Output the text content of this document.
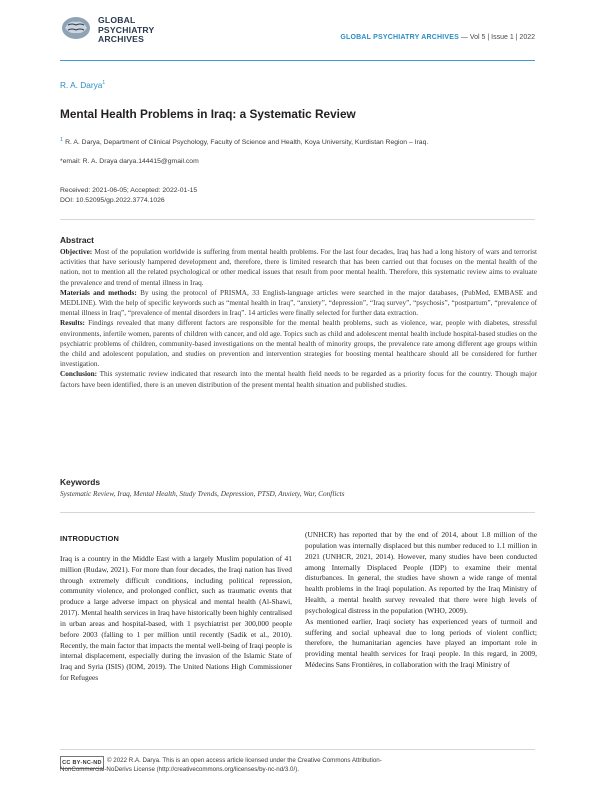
GLOBAL
PSYCHIATRY
ARCHIVES	GLOBAL PSYCHIATRY ARCHIVES — Vol 5 | Issue 1 | 2022
R. A. Darya$^1$
Mental Health Problems in Iraq: a Systematic Review
$^1$ R. A. Darya, Department of Clinical Psychology, Faculty of Science and Health, Koya University, Kurdistan Region – Iraq.
*email: R. A. Draya darya.144415@gmail.com
Received: 2021-06-05; Accepted: 2022-01-15
DOI: 10.52095/gp.2022.3774.1026
Abstract

Objective: Most of the population worldwide is suffering from mental health problems. For the last four decades, Iraq has had a long history of wars and terrorist activities that have seriously hampered development and, therefore, there is limited research that has been carried out that focuses on the mental health of the nation, not to mention all the related psychological or other medical issues that result from poor mental health. Therefore, this systematic review aims to evaluate the prevalence and trend of mental illness in Iraq.

Materials and methods: By using the protocol of PRISMA, 33 English-language articles were searched in the major databases, (PubMed, EMBASE and MEDLINE). With the help of specific keywords such as “mental health in Iraq”, “anxiety”, “depression”, “Iraq survey”, “psychosis”, “postpartum”, “prevalence of mental illness in Iraq”, “prevalence of mental disorders in Iraq”. 14 articles were finally selected for further data extraction.

Results: Findings revealed that many different factors are responsible for the mental health problems, such as violence, war, people with diabetes, stressful environments, infertile women, parents of children with cancer, and old age. Topics such as child and adolescent mental health include hospital-based studies on the psychiatric problems of children, community-based investigations on the mental health of minority groups, the prevalence rate among different age groups within the child and adolescent population, and studies on prevention and intervention strategies for boosting mental healthcare should all be considered for further investigation.

Conclusion: This systematic review indicated that research into the mental health field needs to be regarded as a priority focus for the country. Though major factors have been identified, there is an uneven distribution of the present mental health situation and published studies.

Keywords
Systematic Review, Iraq, Mental Health, Study Trends, Depression, PTSD, Anxiety, War, Conflicts
INTRODUCTION

Iraq is a country in the Middle East with a largely Muslim population of 41 million (Rudaw, 2021). For more than four decades, the Iraqi nation has lived through extremely difficult conditions, including political repression, community violence, and prolonged conflict, such as traumatic events that produce a large adverse impact on physical and mental health (Al-Shawi, 2017). Mental health services in Iraq have historically been highly centralised in urban areas and hospital-based, with 1 psychiatrist per 300,000 people before 2003 (falling to 1 per million until recently (Sadik et al., 2010). Recently, the main factor that impacts the mental well-being of Iraqi people is internal displacement, especially during the invasion of the Islamic State of Iraq and Syria (ISIS) (IOM, 2019). The United Nations High Commissioner for Refugees

(UNHCR) has reported that by the end of 2014, about 1.8 million of the population was internally displaced but this number reduced to 1.1 million in 2021 (UNHCR, 2021, 2014). However, many studies have been conducted among Internally Displaced People (IDP) to examine their mental disturbances. In general, the studies have shown a wide range of mental health problems in the Iraqi population. As reported by the Iraq Ministry of Health, a mental health survey revealed that there were high levels of psychological distress in the population (WHO, 2009).

As mentioned earlier, Iraqi society has experienced years of turmoil and suffering and social upheaval due to long periods of violent conflict; therefore, the humanitarian agencies have played an important role in providing mental health services for Iraqi people. In this regard, in 2009, Médecins Sans Frontières, in collaboration with the Iraqi Ministry of

CC BY-NC-ND © 2022 R.A. Darya. This is an open access article licensed under the Creative Commons Attribution-
NonCommercial-NoDerivs License (http://creativecommons.org/licenses/by-nc-nd/3.0/).
